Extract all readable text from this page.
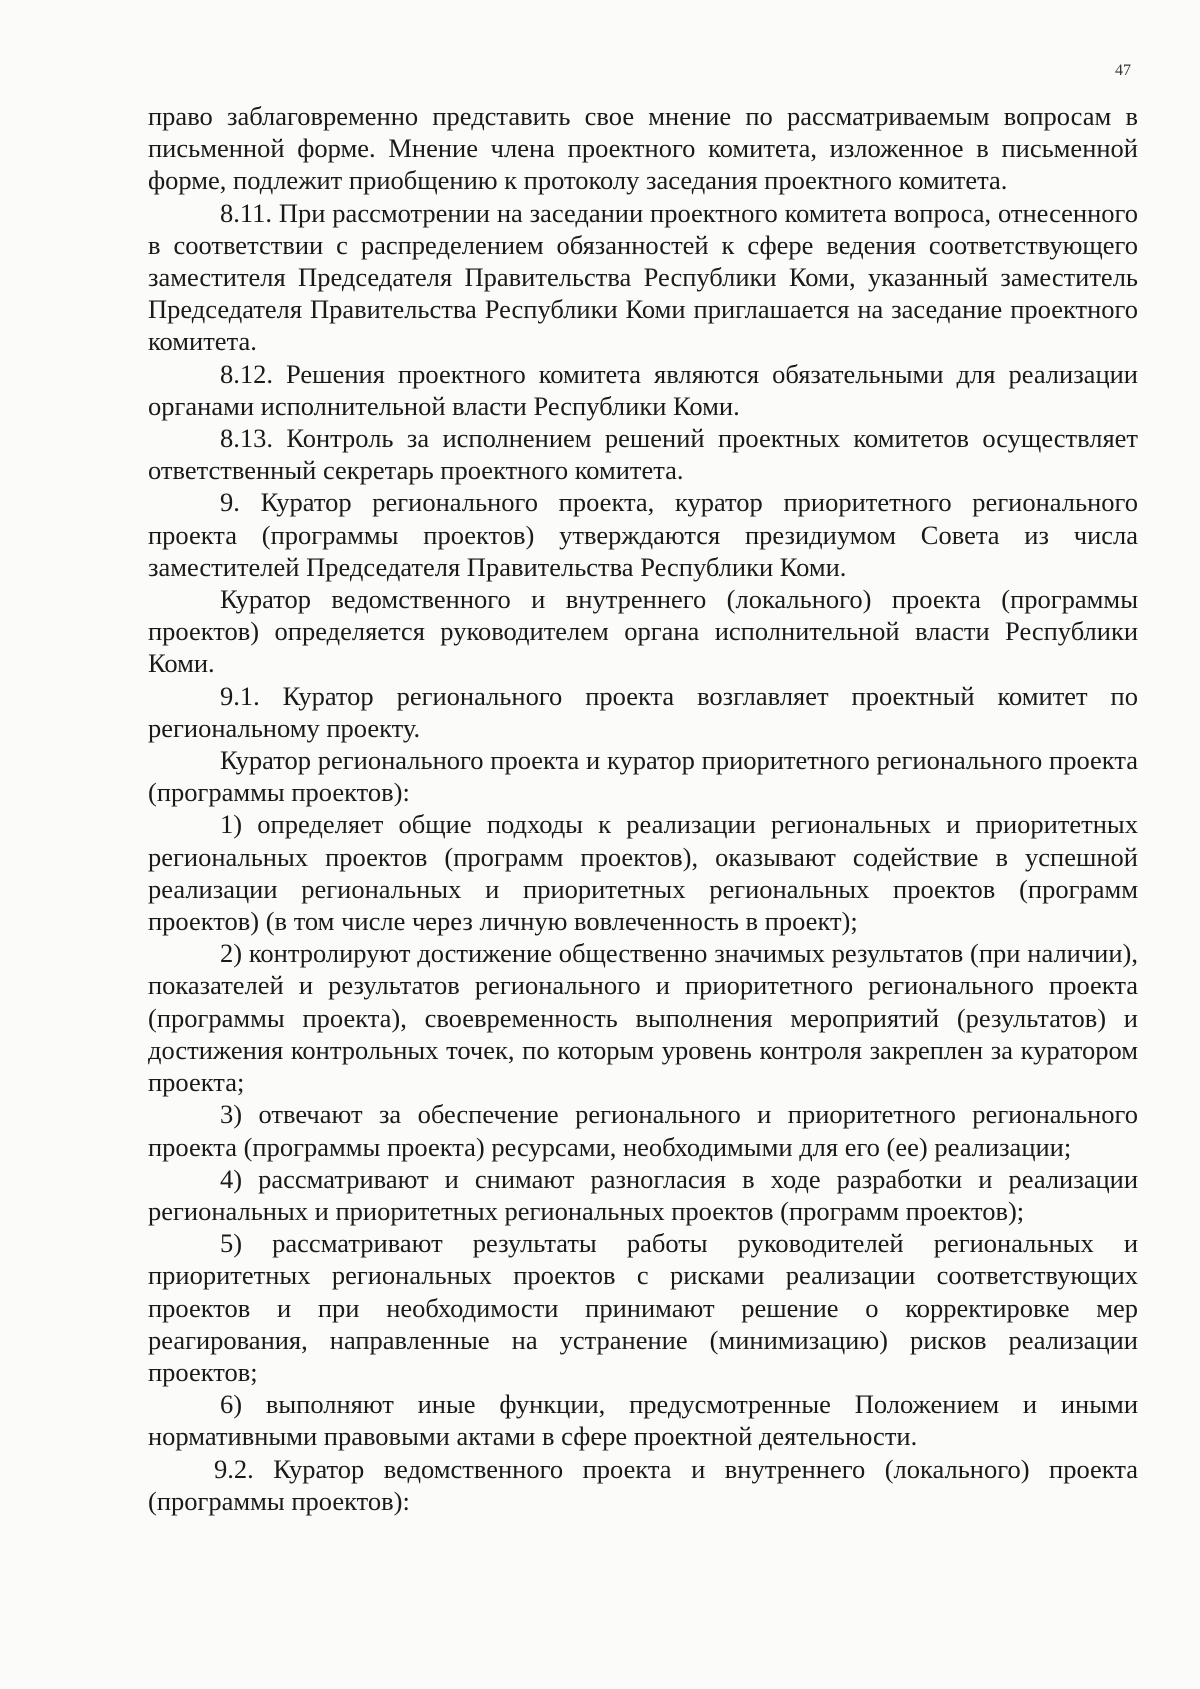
47

право заблаговременно представить свое мнение по рассматриваемым вопросам в письменной форме. Мнение члена проектного комитета, изложенное в письменной форме, подлежит приобщению к протоколу заседания проектного комитета.

8.11. При рассмотрении на заседании проектного комитета вопроса, отнесенного в соответствии с распределением обязанностей к сфере ведения соответствующего заместителя Председателя Правительства Республики Коми, указанный заместитель Председателя Правительства Республики Коми приглашается на заседание проектного комитета.

8.12. Решения проектного комитета являются обязательными для реализации органами исполнительной власти Республики Коми.

8.13. Контроль за исполнением решений проектных комитетов осуществляет ответственный секретарь проектного комитета.

9. Куратор регионального проекта, куратор приоритетного регионального проекта (программы проектов) утверждаются президиумом Совета из числа заместителей Председателя Правительства Республики Коми.

Куратор ведомственного и внутреннего (локального) проекта (программы проектов) определяется руководителем органа исполнительной власти Республики Коми.

9.1. Куратор регионального проекта возглавляет проектный комитет по региональному проекту.

Куратор регионального проекта и куратор приоритетного регионального проекта (программы проектов):

1) определяет общие подходы к реализации региональных и приоритетных региональных проектов (программ проектов), оказывают содействие в успешной реализации региональных и приоритетных региональных проектов (программ проектов) (в том числе через личную вовлеченность в проект);

2) контролируют достижение общественно значимых результатов (при наличии), показателей и результатов регионального и приоритетного регионального проекта (программы проекта), своевременность выполнения мероприятий (результатов) и достижения контрольных точек, по которым уровень контроля закреплен за куратором проекта;

3) отвечают за обеспечение регионального и приоритетного регионального проекта (программы проекта) ресурсами, необходимыми для его (ее) реализации;

4) рассматривают и снимают разногласия в ходе разработки и реализации региональных и приоритетных региональных проектов (программ проектов);

5) рассматривают результаты работы руководителей региональных и приоритетных региональных проектов с рисками реализации соответствующих проектов и при необходимости принимают решение о корректировке мер реагирования, направленные на устранение (минимизацию) рисков реализации проектов;

6) выполняют иные функции, предусмотренные Положением и иными нормативными правовыми актами в сфере проектной деятельности.

9.2. Куратор ведомственного проекта и внутреннего (локального) проекта (программы проектов):
